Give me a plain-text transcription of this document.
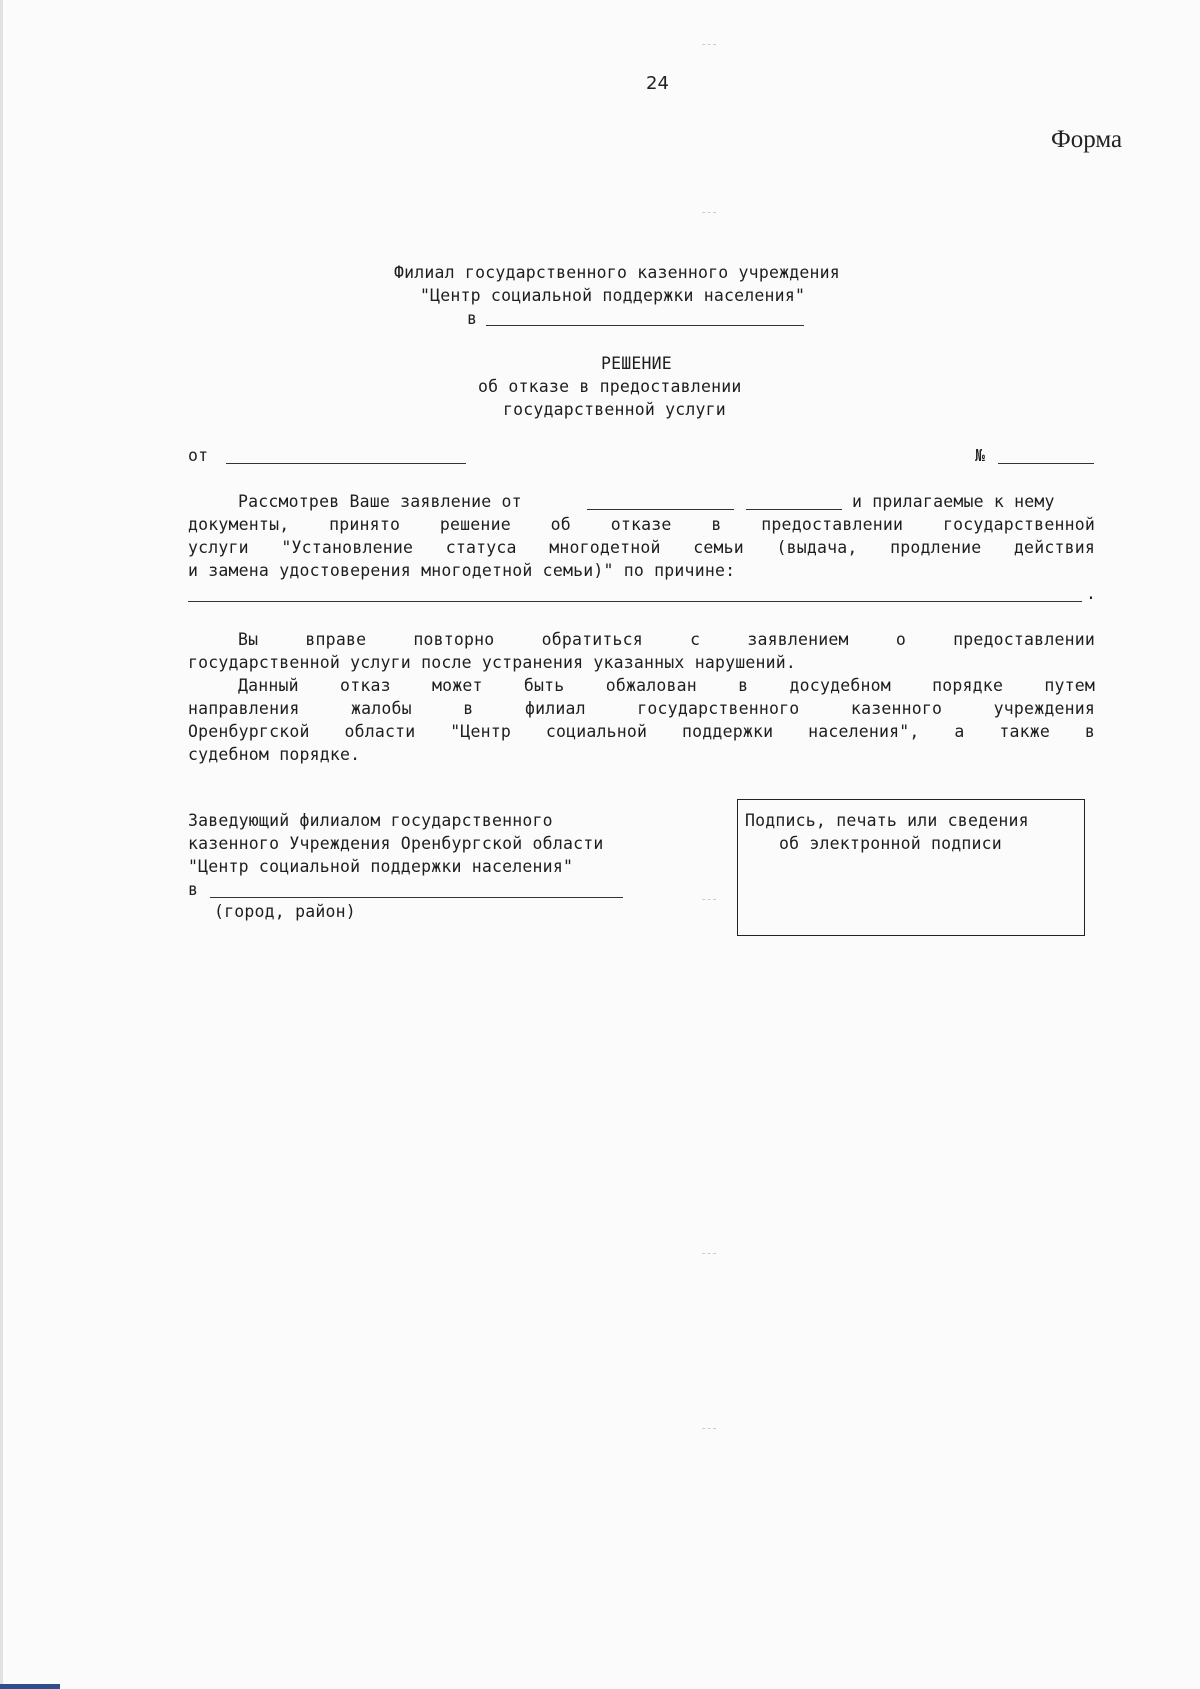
24
Форма
Филиал государственного казенного учреждения
"Центр социальной поддержки населения"
в
РЕШЕНИЕ
об отказе в предоставлении
государственной услуги
от	№
Рассмотрев Ваше заявление от	и прилагаемые к нему
документы, принято решение об отказе в предоставлении государственной
услуги "Установление статуса многодетной семьи (выдача, продление действия
и замена удостоверения многодетной семьи)" по причине:
.
Вы вправе повторно обратиться с заявлением о предоставлении
государственной услуги после устранения указанных нарушений.
Данный отказ может быть обжалован в досудебном порядке путем
направления жалобы в филиал государственного казенного учреждения
Оренбургской области "Центр социальной поддержки населения", а также в
судебном порядке.
Заведующий филиалом государственного
казенного Учреждения Оренбургской области
"Центр социальной поддержки населения"
в
(город, район)
Подпись, печать или сведения
об электронной подписи
